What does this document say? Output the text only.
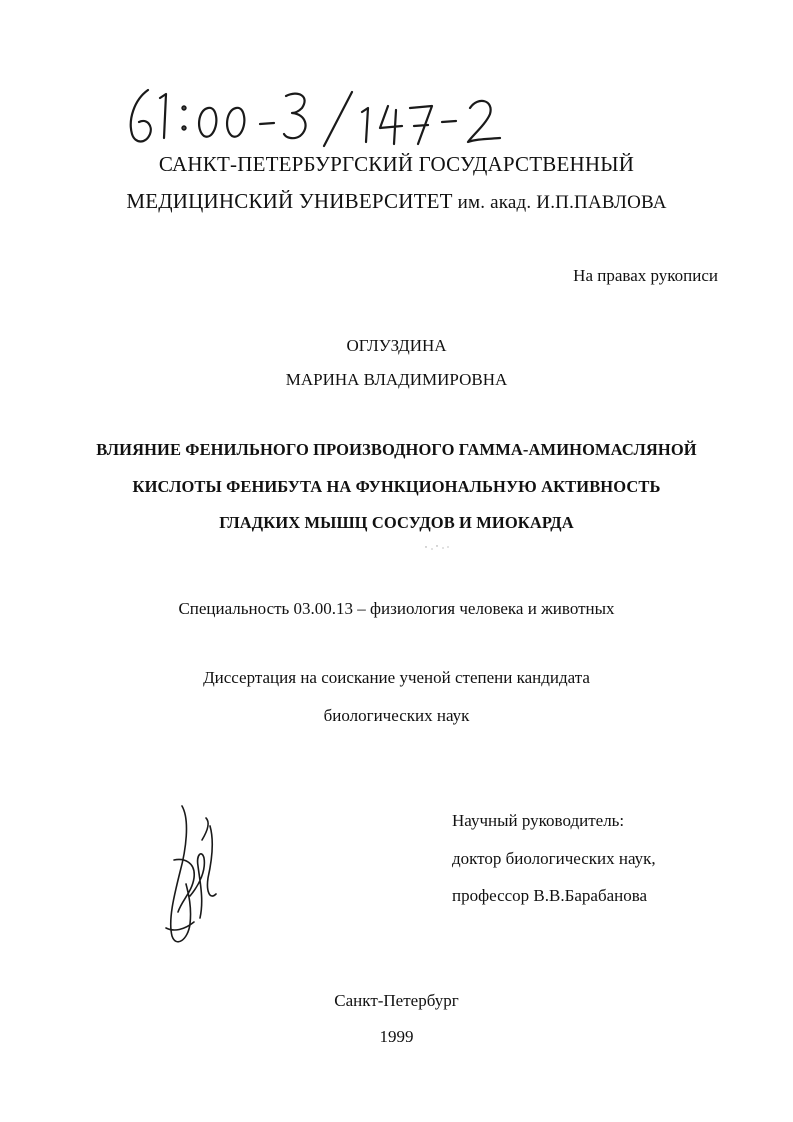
САНКТ-ПЕТЕРБУРГСКИЙ ГОСУДАРСТВЕННЫЙ
МЕДИЦИНСКИЙ УНИВЕРСИТЕТ им. акад. И.П.ПАВЛОВА
На правах рукописи
ОГЛУЗДИНА
МАРИНА ВЛАДИМИРОВНА
ВЛИЯНИЕ ФЕНИЛЬНОГО ПРОИЗВОДНОГО ГАММА-АМИНОМАСЛЯНОЙ
КИСЛОТЫ ФЕНИБУТА НА ФУНКЦИОНАЛЬНУЮ АКТИВНОСТЬ
ГЛАДКИХ МЫШЦ СОСУДОВ И МИОКАРДА
Специальность 03.00.13 – физиология человека и животных
Диссертация на соискание ученой степени кандидата
биологических наук
Научный руководитель:
доктор биологических наук,
профессор В.В.Барабанова
Санкт-Петербург
1999
